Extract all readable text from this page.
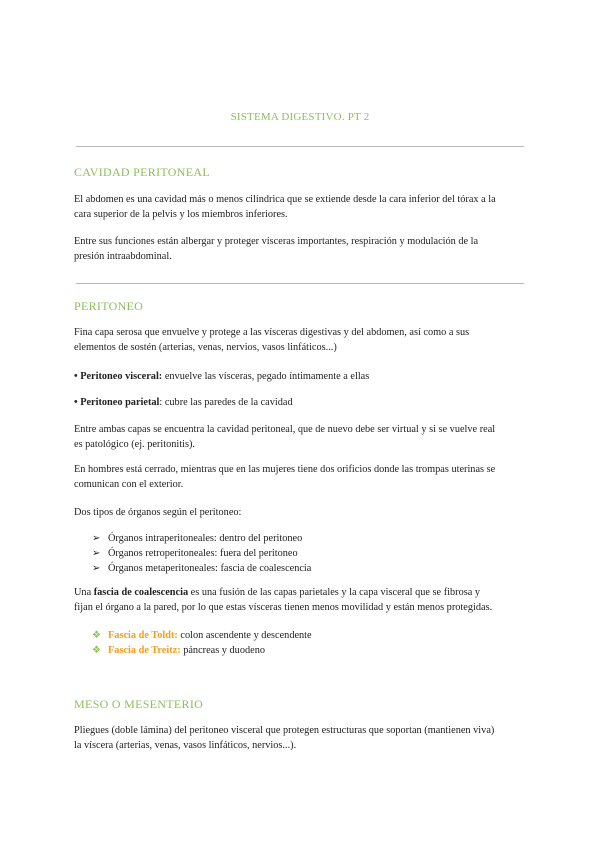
SISTEMA DIGESTIVO. PT 2
CAVIDAD PERITONEAL
El abdomen es una cavidad más o menos cilíndrica que se extiende desde la cara inferior del tórax a la
cara superior de la pelvis y los miembros inferiores.
Entre sus funciones están albergar y proteger vísceras importantes, respiración y modulación de la
presión intraabdominal.
PERITONEO
Fina capa serosa que envuelve y protege a las vísceras digestivas y del abdomen, así como a sus
elementos de sostén (arterias, venas, nervios, vasos linfáticos...)
• Peritoneo visceral: envuelve las vísceras, pegado íntimamente a ellas
• Peritoneo parietal: cubre las paredes de la cavidad
Entre ambas capas se encuentra la cavidad peritoneal, que de nuevo debe ser virtual y si se vuelve real
es patológico (ej. peritonitis).
En hombres está cerrado, mientras que en las mujeres tiene dos orificios donde las trompas uterinas se
comunican con el exterior.
Dos tipos de órganos según el peritoneo:
➢ Órganos intraperitoneales: dentro del peritoneo
➢ Órganos retroperitoneales: fuera del peritoneo
➢ Órganos metaperitoneales: fascia de coalescencia
Una fascia de coalescencia es una fusión de las capas parietales y la capa visceral que se fibrosa y
fijan el órgano a la pared, por lo que estas vísceras tienen menos movilidad y están menos protegidas.
❖ Fascia de Toldt: colon ascendente y descendente
❖ Fascia de Treitz: páncreas y duodeno
MESO O MESENTERIO
Pliegues (doble lámina) del peritoneo visceral que protegen estructuras que soportan (mantienen viva)
la víscera (arterias, venas, vasos linfáticos, nervios...).
